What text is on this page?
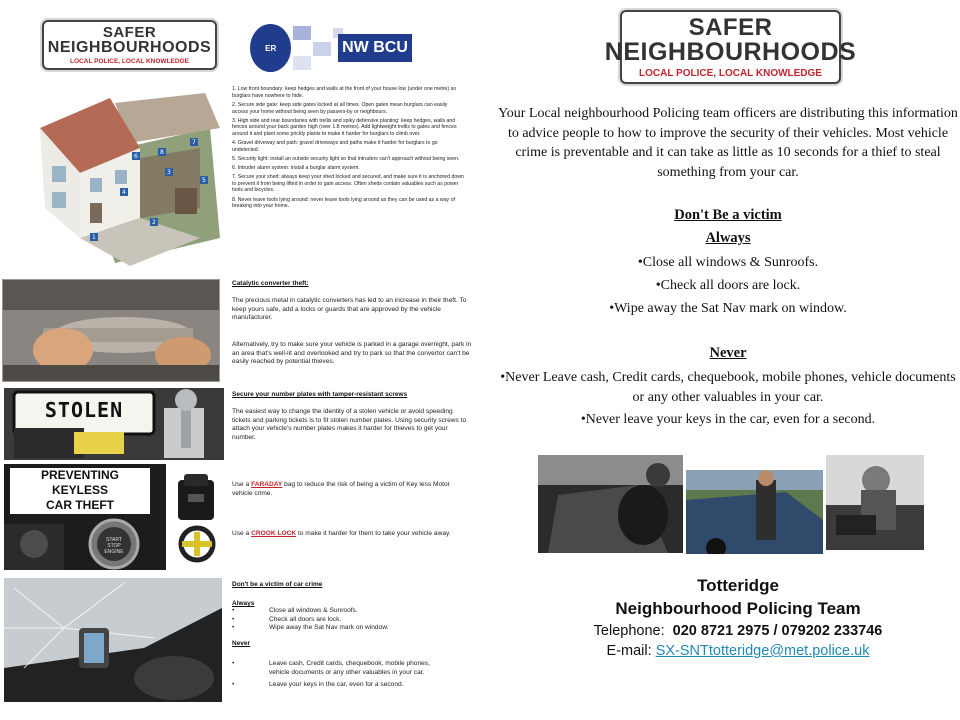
SAFER
NEIGHBOURHOODS
LOCAL POLICE, LOCAL KNOWLEDGE
ER	NW BCU
1
2
3
4
5
6
7
8
1. Low front boundary: keep hedges and walls at the front of your house low (under one metre) so burglars have nowhere to hide.
2. Secure side gate: keep side gates locked at all times. Open gates mean burglars can easily access your home without being seen by passers-by or neighbours.
3. High side and rear boundaries with trellis and spiky defensive planting: keep hedges, walls and fences around your back garden high (over 1.8 metres). Add lightweight trellis to gates and fences around it and plant some prickly plants to make it harder for burglars to climb over.
4. Gravel driveway and path: gravel driveways and paths make it harder for burglars to go undetected.
5. Security light: install an outside security light so that intruders can't approach without being seen.
6. Intruder alarm system: install a burglar alarm system.
7. Secure your shed: always keep your shed locked and secured, and make sure it is anchored down to prevent it from being lifted in order to gain access. Often sheds contain valuables such as power tools and bicycles.
8. Never leave tools lying around: never leave tools lying around as they can be used as a way of breaking into your home.
Catalytic converter theft:
The precious metal in catalytic converters has led to an increase in their theft. To keep yours safe, add a locks or guards that are approved by the vehicle manufacturer.
Alternatively, try to make sure your vehicle is parked in a garage overnight, park in an area that's well-lit and overlooked and try to park so that the convertor can't be easily reached by potential thieves.
STOLEN
Secure your number plates with tamper-resistant screws
The easiest way to change the identity of a stolen vehicle or avoid speeding tickets and parking tickets is to fit stolen number plates. Using security screws to attach your vehicle's number plates makes it harder for thieves to get your number.
PREVENTING
KEYLESS
CAR THEFT
START STOP ENGINE
Use a FARADAY bag to reduce the risk of being a victim of Key less Motor vehicle crime.
Use a CROOK LOCK to make it harder for them to take your vehicle away.
Don't be a victim of car crime
Always
•	Close all windows & Sunroofs.
•	Check all doors are lock.
•	Wipe away the Sat Nav mark on window.
Never
•	Leave cash, Credit cards, chequebook, mobile phones, vehicle documents or any other valuables in your car.
•	Leave your keys in the car, even for a second.
SAFER
NEIGHBOURHOODS
LOCAL POLICE, LOCAL KNOWLEDGE
Your Local neighbourhood Policing team officers are distributing this information to advice people to how to improve the security of their vehicles. Most vehicle crime is preventable and it can take as little as 10 seconds for a thief to steal something from your car.
Don't Be a victim
Always
•Close all windows & Sunroofs.
•Check all doors are lock.
•Wipe away the Sat Nav mark on window.
Never
•Never Leave cash, Credit cards, chequebook, mobile phones, vehicle documents or any other valuables in your car.
•Never leave your keys in the car, even for a second.
Totteridge
Neighbourhood Policing Team
Telephone:  020 8721 2975 / 079202 233746
E-mail: SX-SNTtotteridge@met.police.uk
